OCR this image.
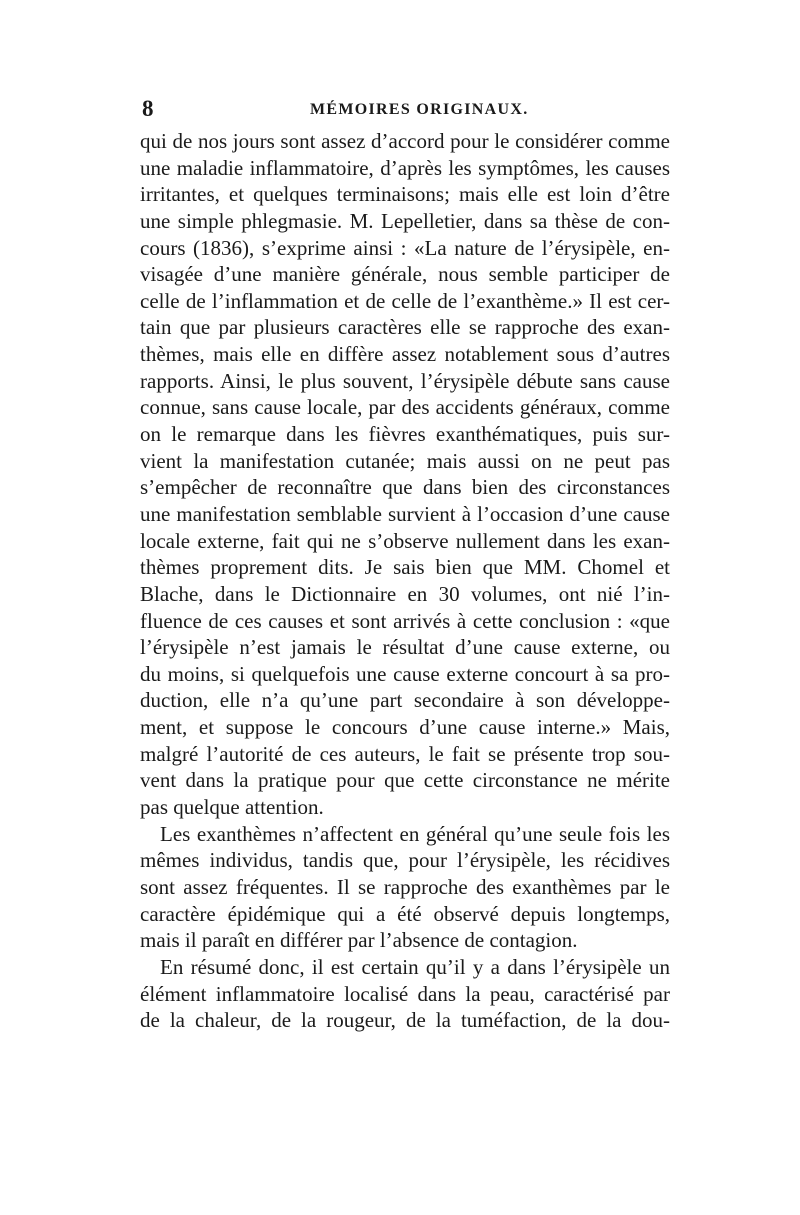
8	MÉMOIRES ORIGINAUX.
qui de nos jours sont assez d’accord pour le considérer comme
une maladie inflammatoire, d’après les symptômes, les causes
irritantes, et quelques terminaisons; mais elle est loin d’être
une simple phlegmasie. M. Lepelletier, dans sa thèse de con-
cours (1836), s’exprime ainsi : «La nature de l’érysipèle, en-
visagée d’une manière générale, nous semble participer de
celle de l’inflammation et de celle de l’exanthème.» Il est cer-
tain que par plusieurs caractères elle se rapproche des exan-
thèmes, mais elle en diffère assez notablement sous d’autres
rapports. Ainsi, le plus souvent, l’érysipèle débute sans cause
connue, sans cause locale, par des accidents généraux, comme
on le remarque dans les fièvres exanthématiques, puis sur-
vient la manifestation cutanée; mais aussi on ne peut pas
s’empêcher de reconnaître que dans bien des circonstances
une manifestation semblable survient à l’occasion d’une cause
locale externe, fait qui ne s’observe nullement dans les exan-
thèmes proprement dits. Je sais bien que MM. Chomel et
Blache, dans le Dictionnaire en 30 volumes, ont nié l’in-
fluence de ces causes et sont arrivés à cette conclusion : «que
l’érysipèle n’est jamais le résultat d’une cause externe, ou
du moins, si quelquefois une cause externe concourt à sa pro-
duction, elle n’a qu’une part secondaire à son développe-
ment, et suppose le concours d’une cause interne.» Mais,
malgré l’autorité de ces auteurs, le fait se présente trop sou-
vent dans la pratique pour que cette circonstance ne mérite
pas quelque attention.
Les exanthèmes n’affectent en général qu’une seule fois les
mêmes individus, tandis que, pour l’érysipèle, les récidives
sont assez fréquentes. Il se rapproche des exanthèmes par le
caractère épidémique qui a été observé depuis longtemps,
mais il paraît en différer par l’absence de contagion.
En résumé donc, il est certain qu’il y a dans l’érysipèle un
élément inflammatoire localisé dans la peau, caractérisé par
de la chaleur, de la rougeur, de la tuméfaction, de la dou-
